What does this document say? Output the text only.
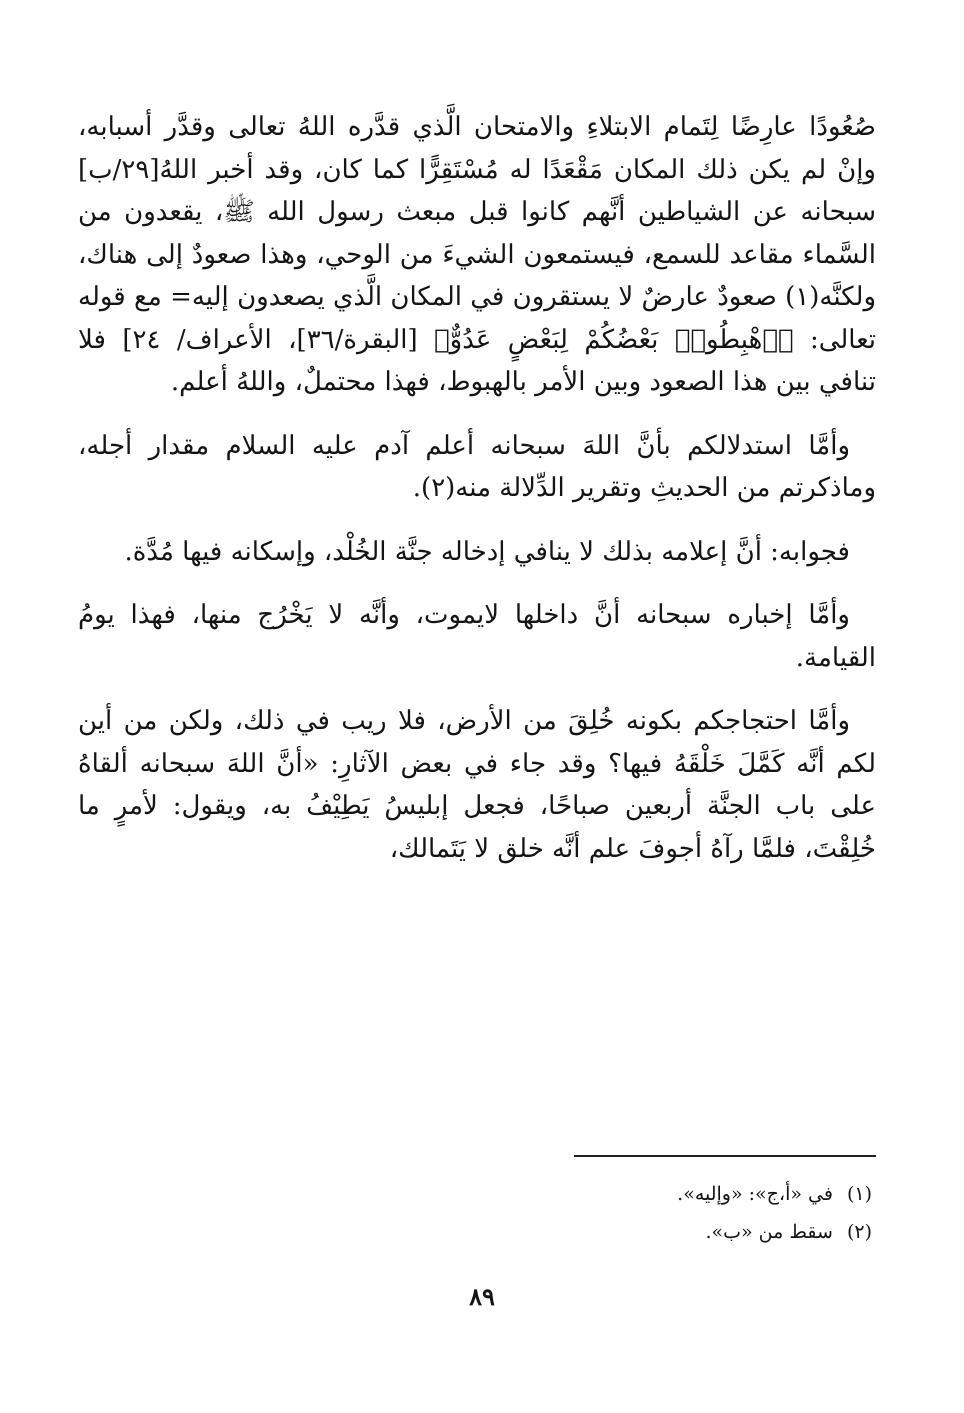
صُعُودًا عارِضًا لِتَمام الابتلاءِ والامتحان الَّذي قدَّره اللهُ تعالى وقدَّر أسبابه، وإنْ لم يكن ذلك المكان مَقْعَدًا له مُسْتَقِرًّا كما كان، وقد أخبر اللهُ[٢٩/ب] سبحانه عن الشياطين أنَّهم كانوا قبل مبعث رسول الله ﷺ، يقعدون من السَّماء مقاعد للسمع، فيستمعون الشيءَ من الوحي، وهذا صعودٌ إلى هناك، ولكنَّه(١) صعودٌ عارضٌ لا يستقرون في المكان الَّذي يصعدون إليه= مع قوله تعالى: ﴿ٱهْبِطُوا۟ بَعْضُكُمْ لِبَعْضٍ عَدُوٌّ﴾ [البقرة/٣٦]، الأعراف/ ٢٤] فلا تنافي بين هذا الصعود وبين الأمر بالهبوط، فهذا محتملٌ، واللهُ أعلم.

وأمَّا استدلالكم بأنَّ اللهَ سبحانه أعلم آدم عليه السلام مقدار أجله، وماذكرتم من الحديثِ وتقرير الدِّلالة منه(٢).

فجوابه: أنَّ إعلامه بذلك لا ينافي إدخاله جنَّة الخُلْد، وإسكانه فيها مُدَّة.

وأمَّا إخباره سبحانه أنَّ داخلها لايموت، وأنَّه لا يَخْرُج منها، فهذا يومُ القيامة.

وأمَّا احتجاجكم بكونه خُلِقَ من الأرض، فلا ريب في ذلك، ولكن من أين لكم أنَّه كَمَّلَ خَلْقَهُ فيها؟ وقد جاء في بعض الآثارِ: «أنَّ اللهَ سبحانه ألقاهُ على باب الجنَّة أربعين صباحًا، فجعل إبليسُ يَطِيْفُ به، ويقول: لأمرٍ ما خُلِقْتَ، فلمَّا رآهُ أجوفَ علم أنَّه خلق لا يَتَمالك،

(١)
في «أ،ج»: «وإليه».
(٢)
سقط من «ب».
٨٩
